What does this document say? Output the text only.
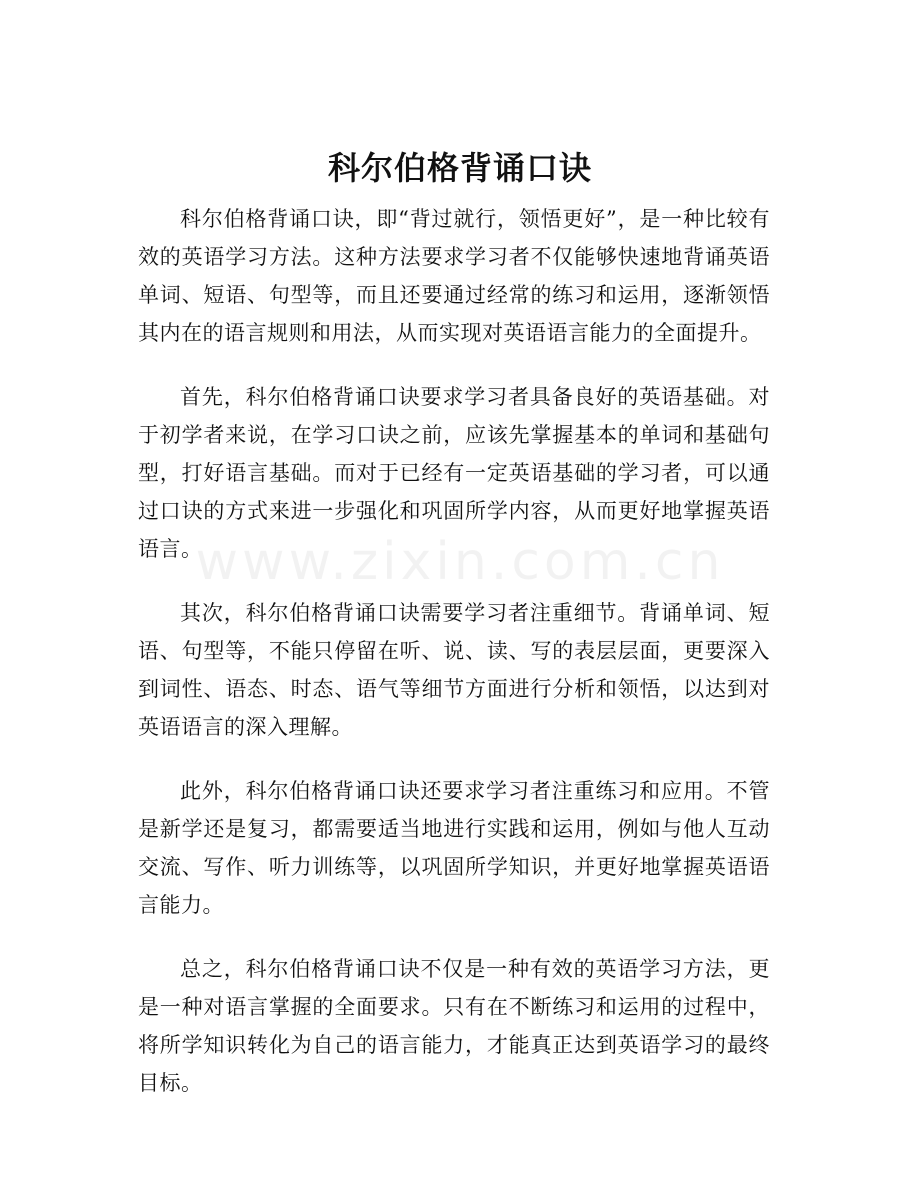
科尔伯格背诵口诀
www.zixin.com.cn

科尔伯格背诵口诀，即“背过就行，领悟更好”，是一种比较有效的英语学习方法。这种方法要求学习者不仅能够快速地背诵英语单词、短语、句型等，而且还要通过经常的练习和运用，逐渐领悟其内在的语言规则和用法，从而实现对英语语言能力的全面提升。

首先，科尔伯格背诵口诀要求学习者具备良好的英语基础。对于初学者来说，在学习口诀之前，应该先掌握基本的单词和基础句型，打好语言基础。而对于已经有一定英语基础的学习者，可以通过口诀的方式来进一步强化和巩固所学内容，从而更好地掌握英语语言。

其次，科尔伯格背诵口诀需要学习者注重细节。背诵单词、短语、句型等，不能只停留在听、说、读、写的表层层面，更要深入到词性、语态、时态、语气等细节方面进行分析和领悟，以达到对英语语言的深入理解。

此外，科尔伯格背诵口诀还要求学习者注重练习和应用。不管是新学还是复习，都需要适当地进行实践和运用，例如与他人互动交流、写作、听力训练等，以巩固所学知识，并更好地掌握英语语言能力。

总之，科尔伯格背诵口诀不仅是一种有效的英语学习方法，更是一种对语言掌握的全面要求。只有在不断练习和运用的过程中，将所学知识转化为自己的语言能力，才能真正达到英语学习的最终目标。
